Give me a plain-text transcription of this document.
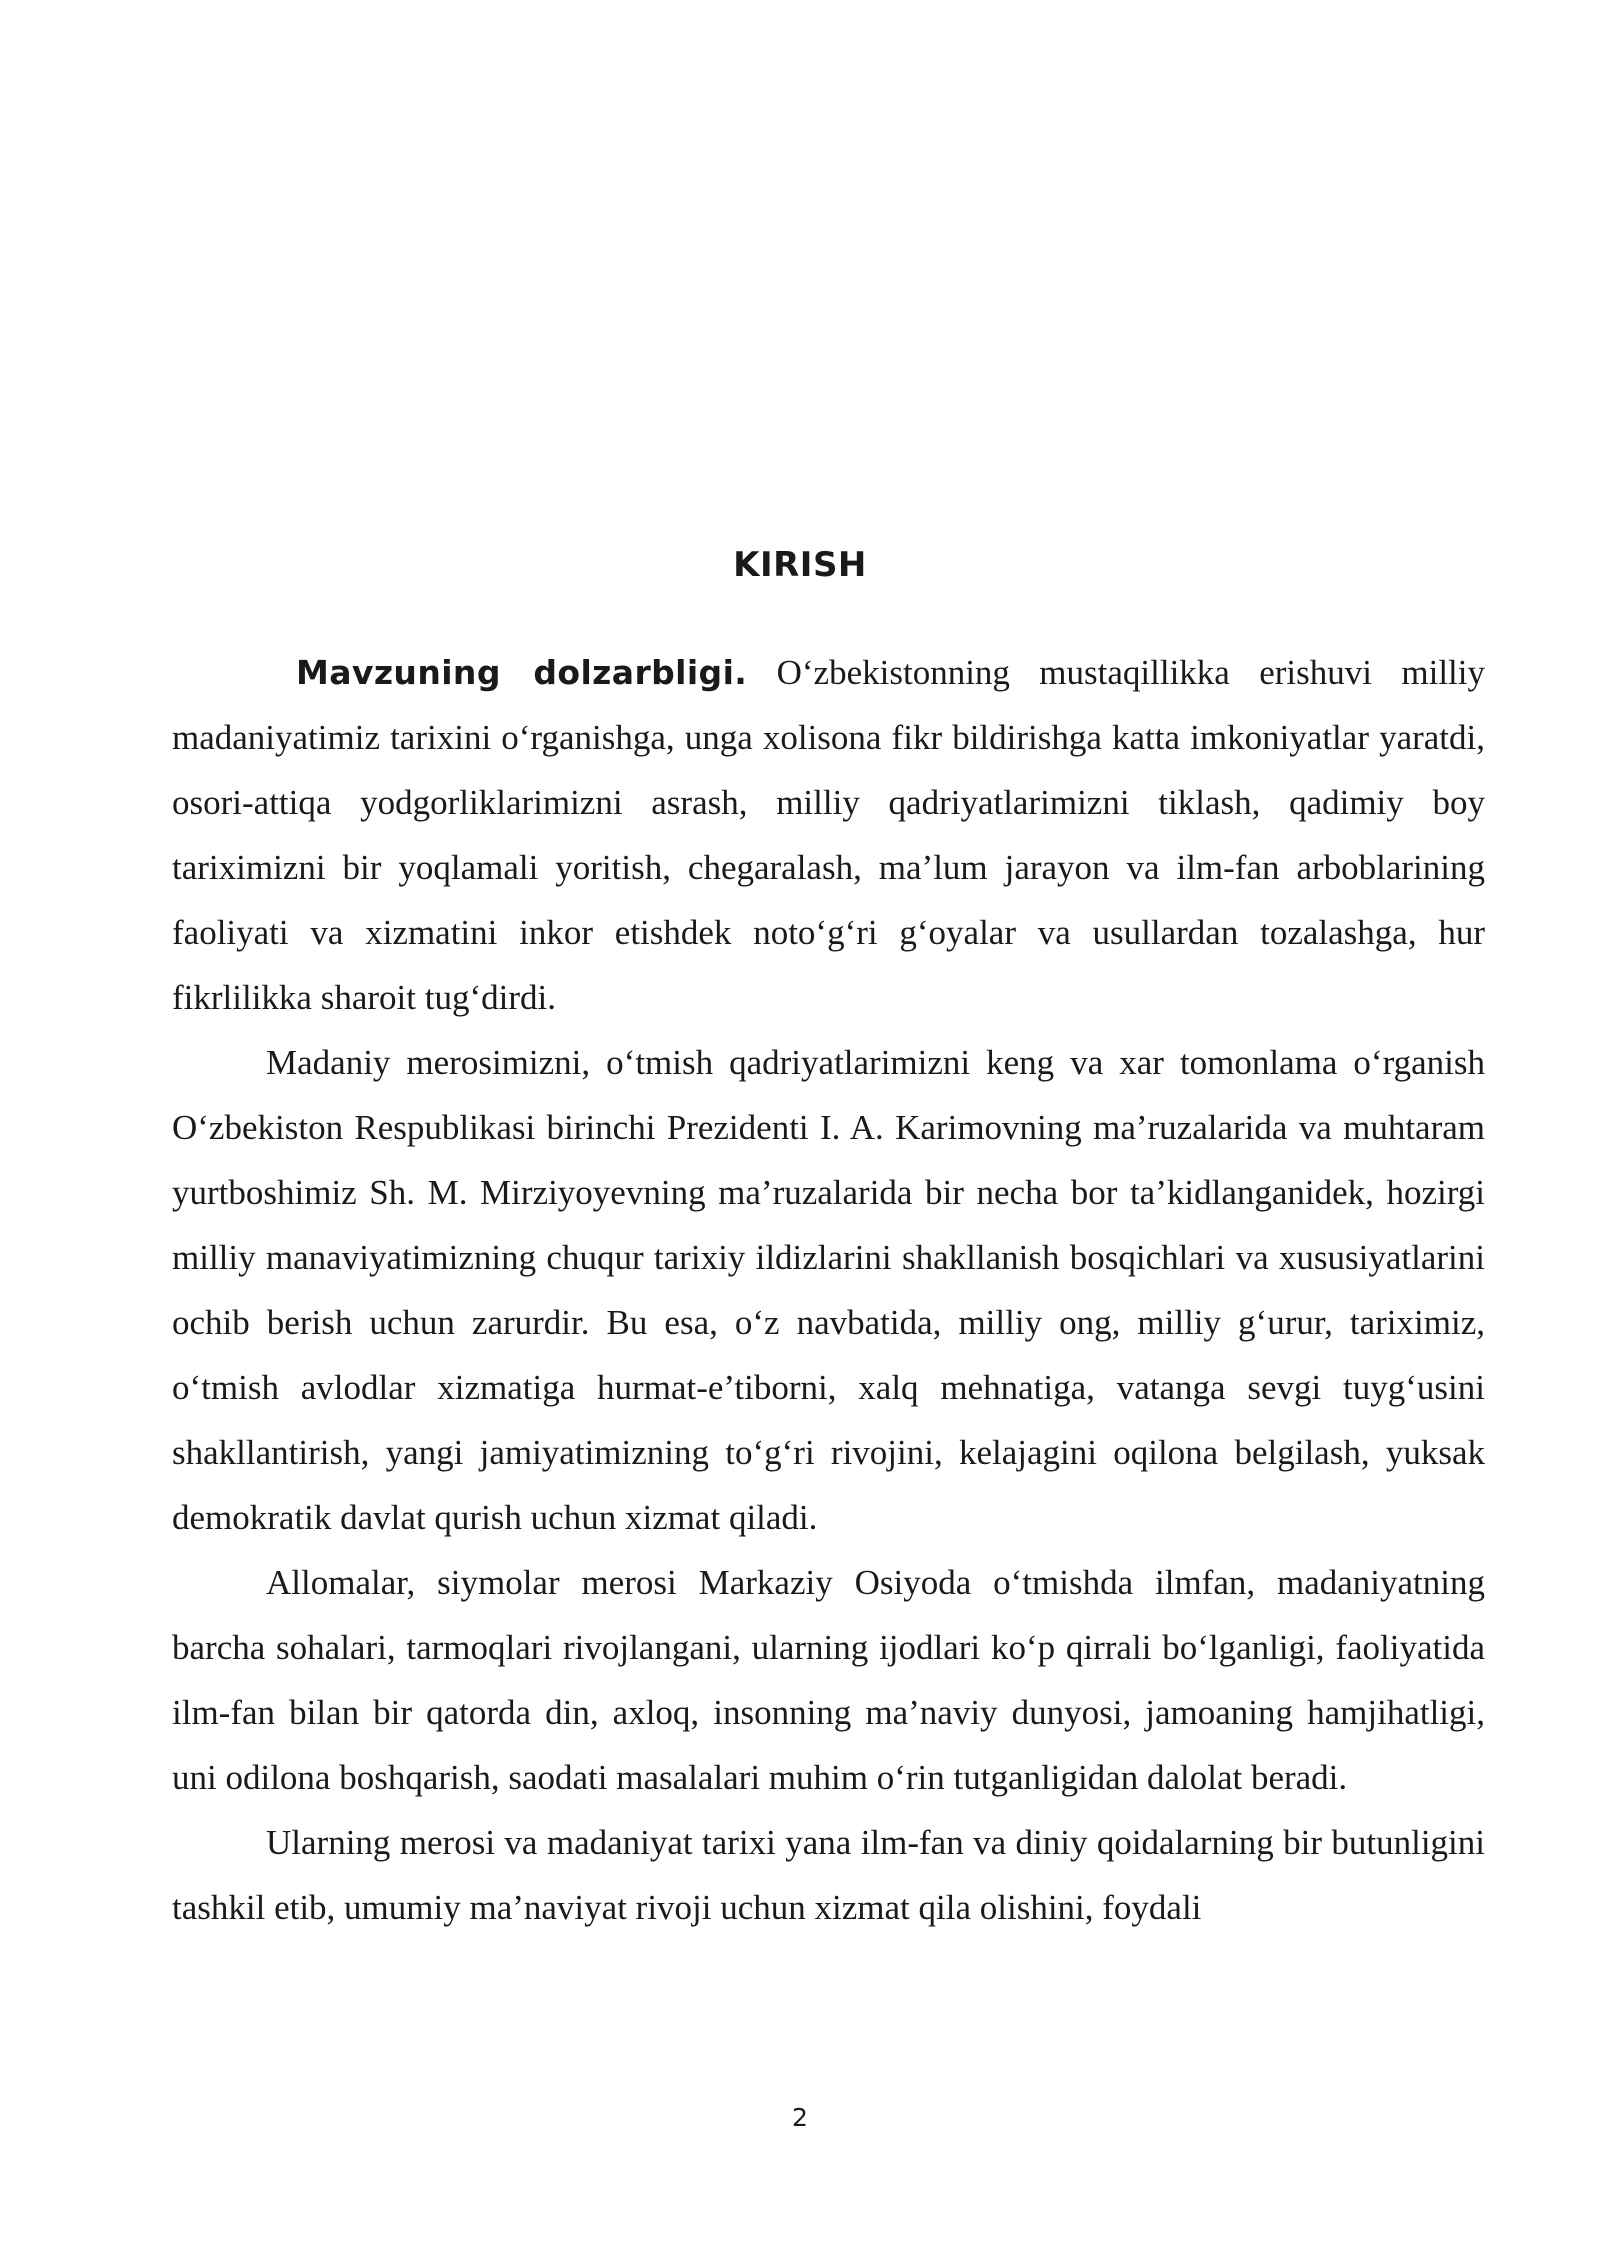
KIRISH

Mavzuning dolzarbligi. O‘zbekistonning mustaqillikka erishuvi milliy madaniyatimiz tarixini o‘rganishga, unga xolisona fikr bildirishga katta imkoniyatlar yaratdi, osori-attiqa yodgorliklarimizni asrash, milliy qadriyatlarimizni tiklash, qadimiy boy tariximizni bir yoqlamali yoritish, chegaralash, ma’lum jarayon va ilm-fan arboblarining faoliyati va xizmatini inkor etishdek noto‘g‘ri g‘oyalar va usullardan tozalashga, hur fikrlilikka sharoit tug‘dirdi.

Madaniy merosimizni, o‘tmish qadriyatlarimizni keng va xar tomonlama o‘rganish O‘zbekiston Respublikasi birinchi Prezidenti I. A. Karimovning ma’ruzalarida va muhtaram yurtboshimiz Sh. M. Mirziyoyevning ma’ruzalarida bir necha bor ta’kidlanganidek, hozirgi milliy manaviyatimizning chuqur tarixiy ildizlarini shakllanish bosqichlari va xususiyatlarini ochib berish uchun zarurdir. Bu esa, o‘z navbatida, milliy ong, milliy g‘urur, tariximiz, o‘tmish avlodlar xizmatiga hurmat-e’tiborni, xalq mehnatiga, vatanga sevgi tuyg‘usini shakllantirish, yangi jamiyatimizning to‘g‘ri rivojini, kelajagini oqilona belgilash, yuksak demokratik davlat qurish uchun xizmat qiladi.

Allomalar, siymolar merosi Markaziy Osiyoda o‘tmishda ilmfan, madaniyatning barcha sohalari, tarmoqlari rivojlangani, ularning ijodlari ko‘p qirrali bo‘lganligi, faoliyatida ilm-fan bilan bir qatorda din, axloq, insonning ma’naviy dunyosi, jamoaning hamjihatligi, uni odilona boshqarish, saodati masalalari muhim o‘rin tutganligidan dalolat beradi.

Ularning merosi va madaniyat tarixi yana ilm-fan va diniy qoidalarning bir butunligini tashkil etib, umumiy ma’naviyat rivoji uchun xizmat qila olishini, foydali

2
